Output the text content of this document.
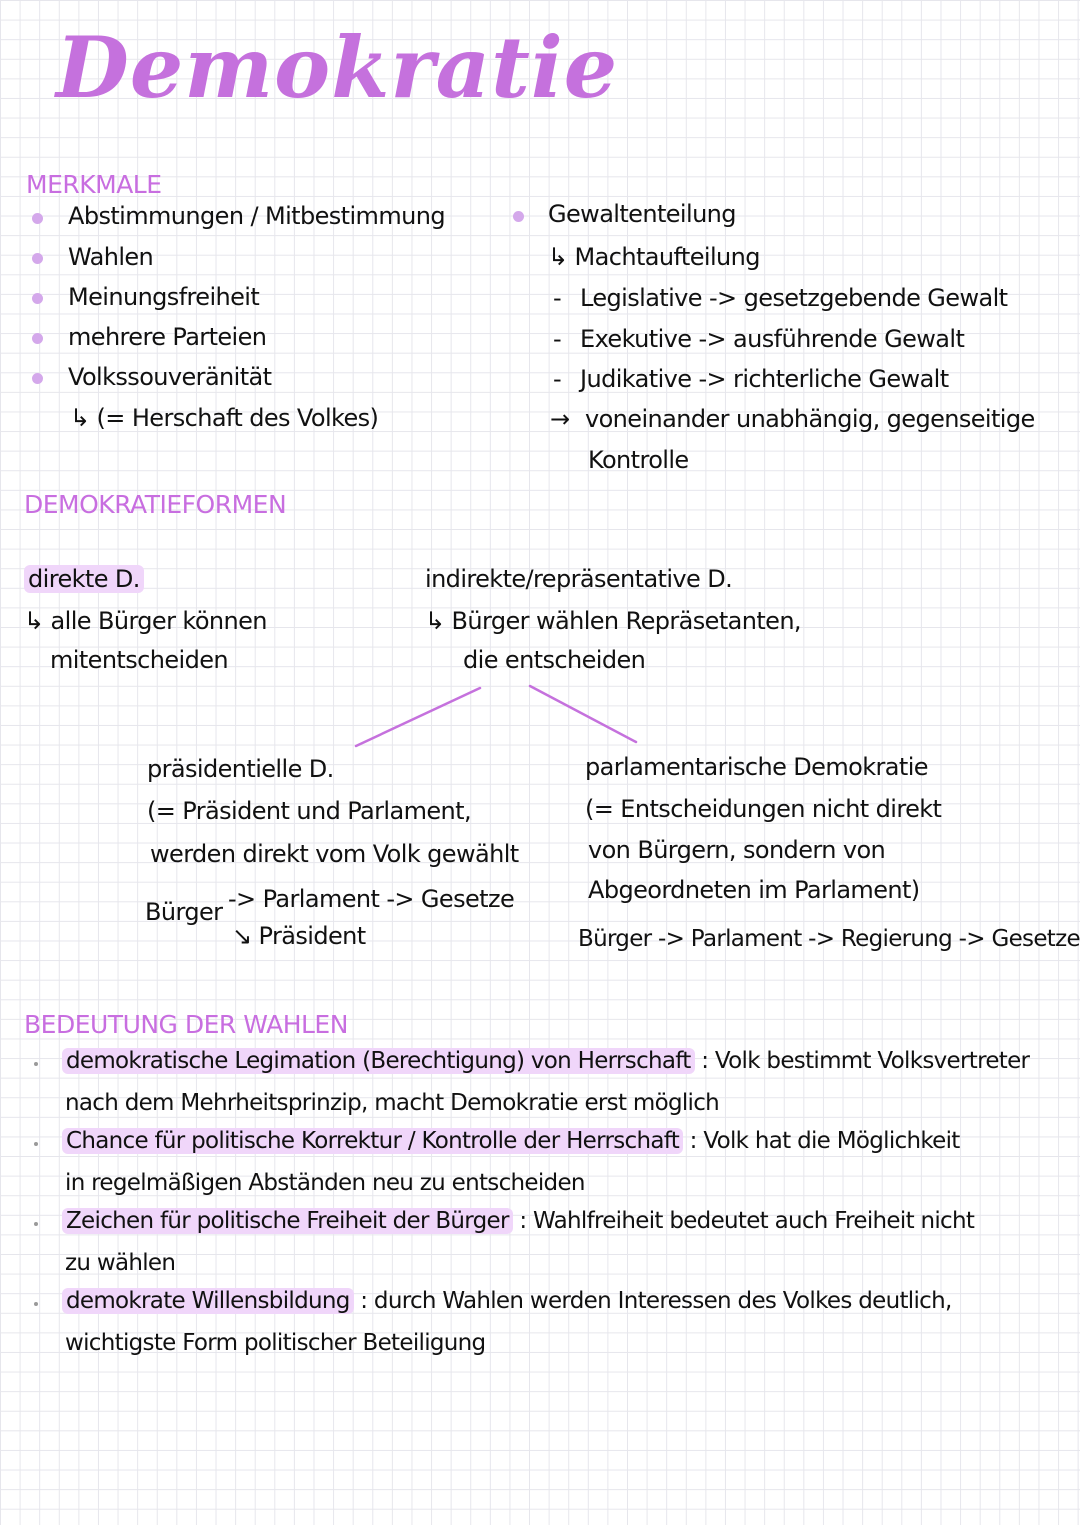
Demokratie
MERKMALE
Abstimmungen / Mitbestimmung
Wahlen
Meinungsfreiheit
mehrere Parteien
Volkssouveränität
↳ (= Herschaft des Volkes)
Gewaltenteilung
↳ Machtaufteilung
- Legislative -> gesetzgebende Gewalt
- Exekutive -> ausführende Gewalt
- Judikative -> richterliche Gewalt
→ voneinander unabhängig, gegenseitige
Kontrolle
DEMOKRATIEFORMEN
direkte D.
↳ alle Bürger können
mitentscheiden
indirekte/repräsentative D.
↳ Bürger wählen Repräsetanten,
die entscheiden
präsidentielle D.
(= Präsident und Parlament,
werden direkt vom Volk gewählt
Bürger -> Parlament -> Gesetze
↘ Präsident
parlamentarische Demokratie
(= Entscheidungen nicht direkt
von Bürgern, sondern von
Abgeordneten im Parlament)
Bürger -> Parlament -> Regierung -> Gesetze
BEDEUTUNG DER WAHLEN
demokratische Legimation (Berechtigung) von Herrschaft : Volk bestimmt Volksvertreter
nach dem Mehrheitsprinzip, macht Demokratie erst möglich
Chance für politische Korrektur / Kontrolle der Herrschaft : Volk hat die Möglichkeit
in regelmäßigen Abständen neu zu entscheiden
Zeichen für politische Freiheit der Bürger : Wahlfreiheit bedeutet auch Freiheit nicht
zu wählen
demokrate Willensbildung : durch Wahlen werden Interessen des Volkes deutlich,
wichtigste Form politischer Beteiligung
